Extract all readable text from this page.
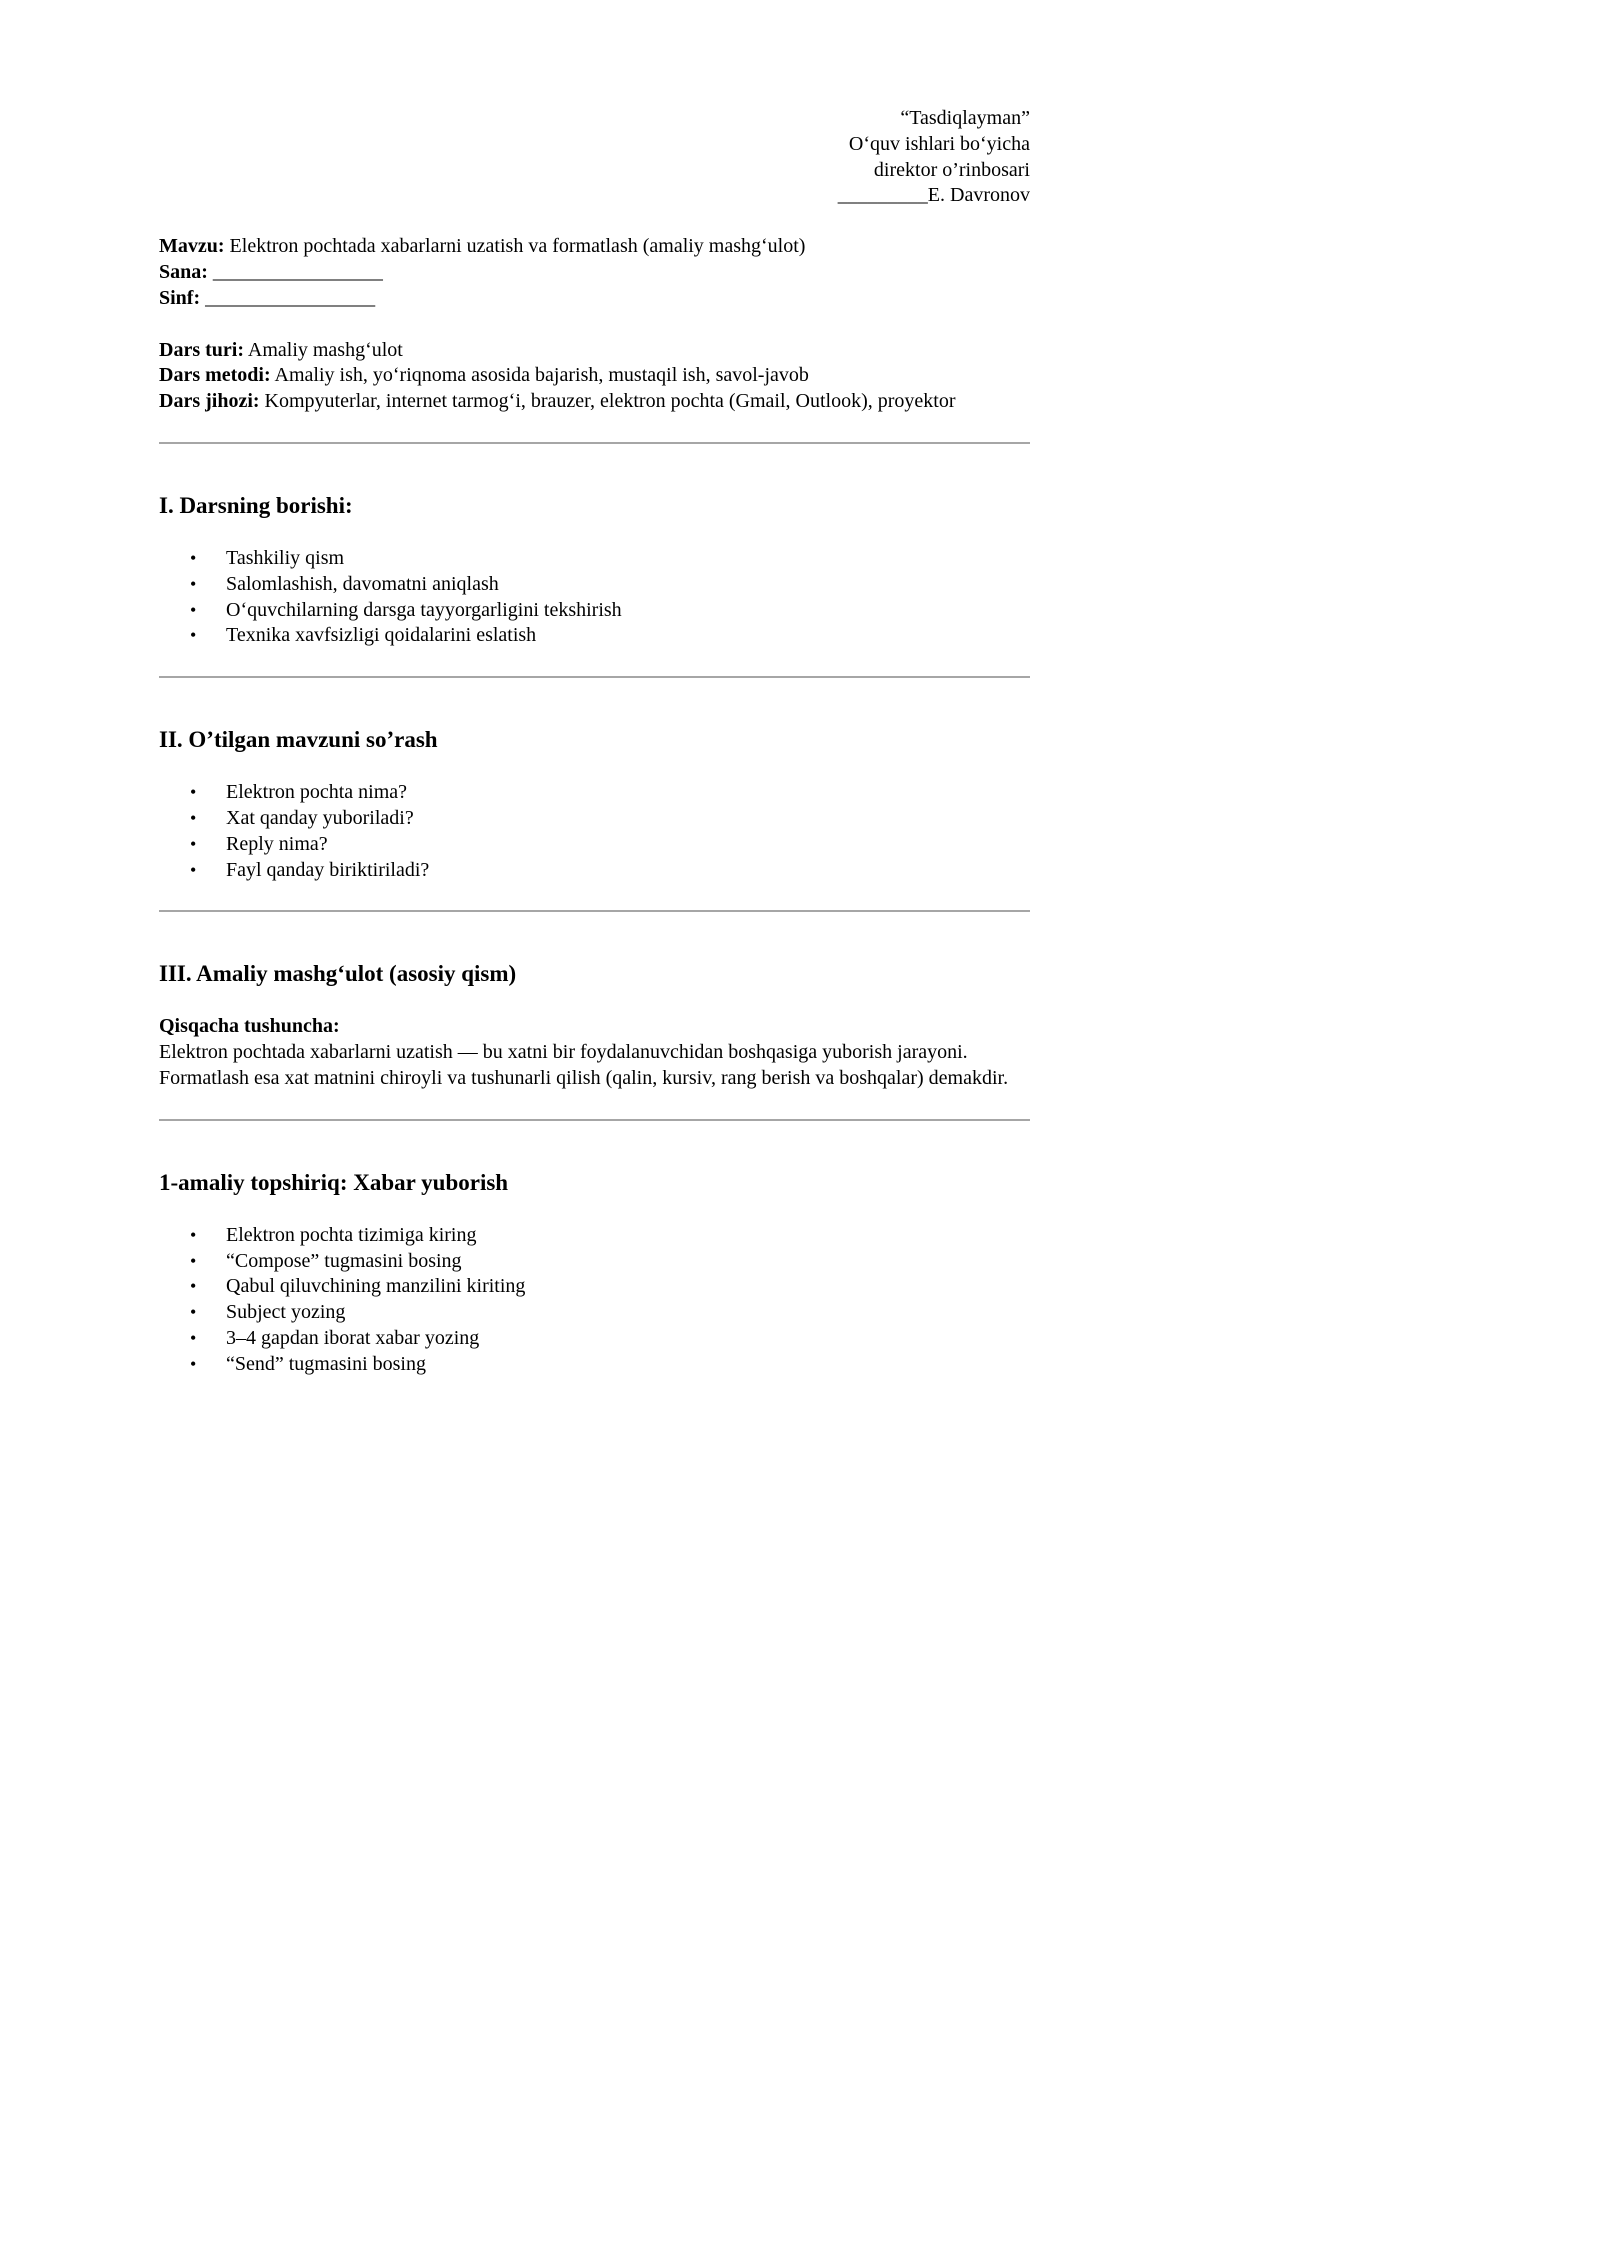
“Tasdiqlayman”
O‘quv ishlari bo‘yicha
direktor o’rinbosari
_________E. Davronov
Mavzu: Elektron pochtada xabarlarni uzatish va formatlash (amaliy mashg‘ulot)
Sana: _________________
Sinf: _________________
Dars turi: Amaliy mashg‘ulot
Dars metodi: Amaliy ish, yo‘riqnoma asosida bajarish, mustaqil ish, savol-javob
Dars jihozi: Kompyuterlar, internet tarmog‘i, brauzer, elektron pochta (Gmail, Outlook), proyektor
I. Darsning borishi:
• Tashkiliy qism
• Salomlashish, davomatni aniqlash
• O‘quvchilarning darsga tayyorgarligini tekshirish
• Texnika xavfsizligi qoidalarini eslatish
II. O’tilgan mavzuni so’rash
• Elektron pochta nima?
• Xat qanday yuboriladi?
• Reply nima?
• Fayl qanday biriktiriladi?
III. Amaliy mashg‘ulot (asosiy qism)
Qisqacha tushuncha:
Elektron pochtada xabarlarni uzatish — bu xatni bir foydalanuvchidan boshqasiga yuborish jarayoni.
Formatlash esa xat matnini chiroyli va tushunarli qilish (qalin, kursiv, rang berish va boshqalar) demakdir.
1-amaliy topshiriq: Xabar yuborish
• Elektron pochta tizimiga kiring
• “Compose” tugmasini bosing
• Qabul qiluvchining manzilini kiriting
• Subject yozing
• 3–4 gapdan iborat xabar yozing
• “Send” tugmasini bosing
